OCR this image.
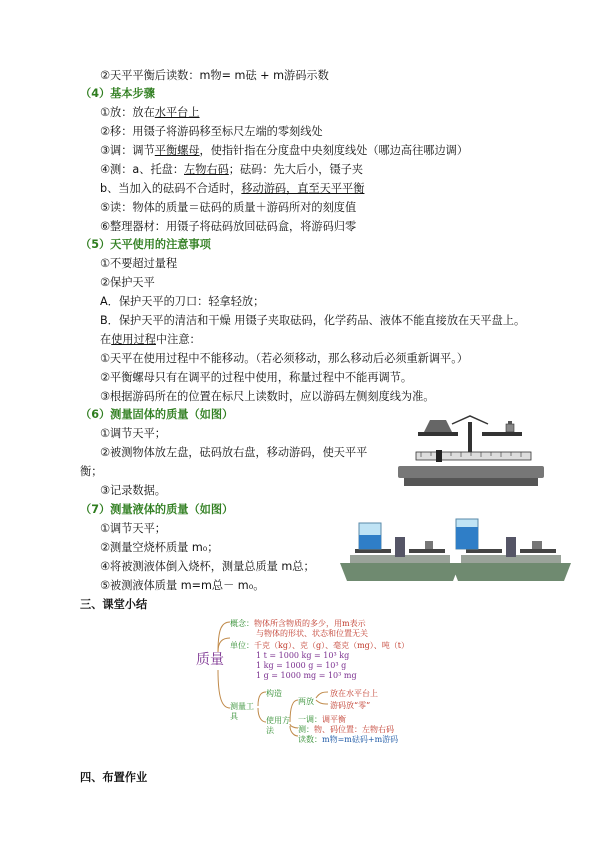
②天平平衡后读数：m物= m砝 + m游码示数
（4）基本步骤
①放：放在水平台上
②移：用镊子将游码移至标尺左端的零刻线处
③调：调节平衡螺母，使指针指在分度盘中央刻度线处（哪边高往哪边调）
④测：a、托盘：左物右码；砝码：先大后小，镊子夹
b、当加入的砝码不合适时，移动游码，直至天平平衡
⑤读：物体的质量＝砝码的质量＋游码所对的刻度值
⑥整理器材：用镊子将砝码放回砝码盒，将游码归零
（5）天平使用的注意事项
①不要超过量程
②保护天平
A．保护天平的刀口：轻拿轻放；
B．保护天平的清洁和干燥 用镊子夹取砝码，化学药品、液体不能直接放在天平盘上。
在使用过程中注意：
①天平在使用过程中不能移动。（若必须移动，那么移动后必须重新调平。）
②平衡螺母只有在调平的过程中使用，称量过程中不能再调节。
③根据游码所在的位置在标尺上读数时，应以游码左侧刻度线为准。
（6）测量固体的质量（如图）
①调节天平；
②被测物体放左盘，砝码放右盘，移动游码，使天平平
衡；
③记录数据。
（7）测量液体的质量（如图）
①调节天平；
②测量空烧杯质量 m₀；
④将被测液体倒入烧杯，测量总质量 m总；
⑤被测液体质量 m=m总－ m₀。
三、课堂小结
四、布置作业
质量
概念：物体所含物质的多少，用m表示
与物体的形状、状态和位置无关
单位：千克（kg）、克（g）、毫克（mg）、吨（t）
1 t = 1000 kg = 10³ kg
1 kg = 1000 g = 10³ g
1 g = 1000 mg = 10³ mg
测量工具
构造
使用方法
两放
放在水平台上
游码放“零”
一调：调平衡
测：物、码位置：左物右码
读数：m物=m砝码+m游码
